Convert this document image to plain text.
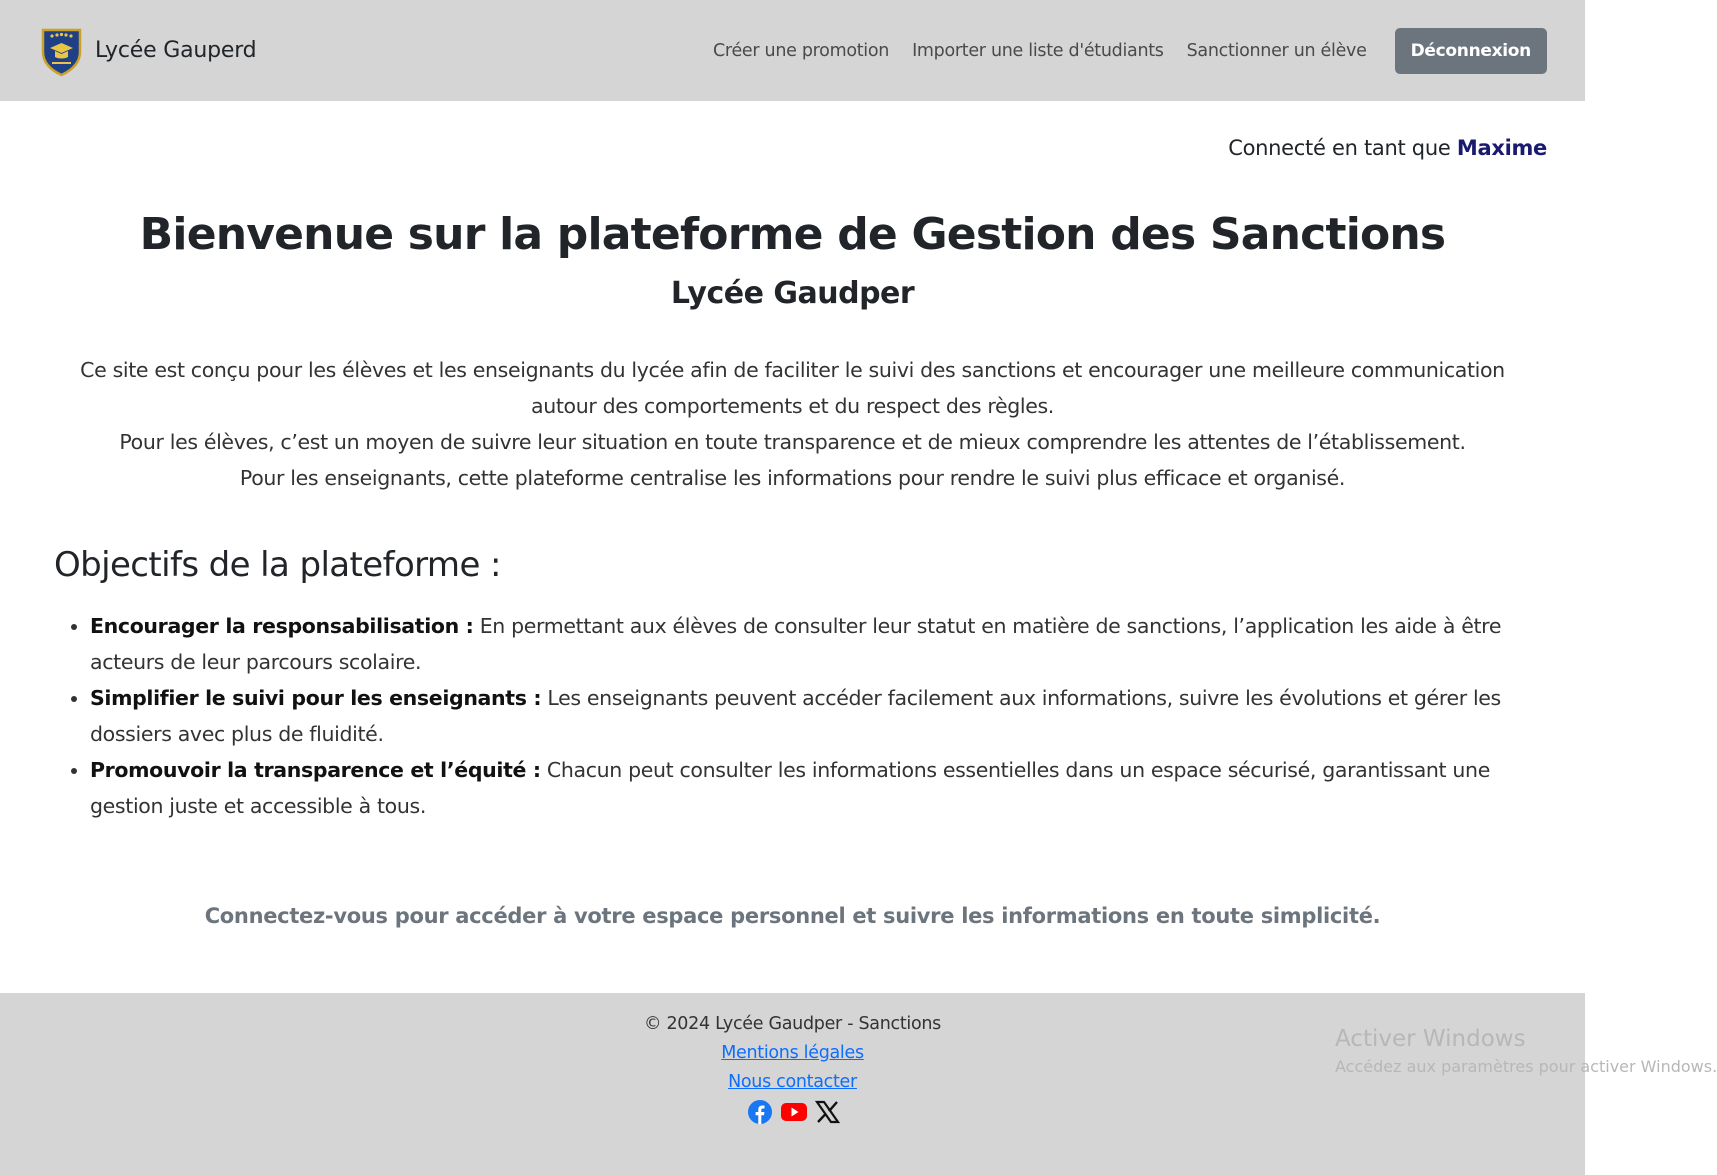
Lycée Gauperd	Créer une promotion Importer une liste d'étudiants Sanctionner un élève	Déconnexion
Connecté en tant que Maxime
Bienvenue sur la plateforme de Gestion des Sanctions
Lycée Gaudper

Ce site est conçu pour les élèves et les enseignants du lycée afin de faciliter le suivi des sanctions et encourager une meilleure communication autour des comportements et du respect des règles.

Pour les élèves, c’est un moyen de suivre leur situation en toute transparence et de mieux comprendre les attentes de l’établissement.

Pour les enseignants, cette plateforme centralise les informations pour rendre le suivi plus efficace et organisé.

Objectifs de la plateforme :
• Encourager la responsabilisation : En permettant aux élèves de consulter leur statut en matière de sanctions, l’application les aide à être acteurs de leur parcours scolaire.
• Simplifier le suivi pour les enseignants : Les enseignants peuvent accéder facilement aux informations, suivre les évolutions et gérer les dossiers avec plus de fluidité.
• Promouvoir la transparence et l’équité : Chacun peut consulter les informations essentielles dans un espace sécurisé, garantissant une gestion juste et accessible à tous.

Connectez-vous pour accéder à votre espace personnel et suivre les informations en toute simplicité.

© 2024 Lycée Gaudper - Sanctions
Mentions légales
Nous contacter
Activer Windows
Accédez aux paramètres pour activer Windows.
